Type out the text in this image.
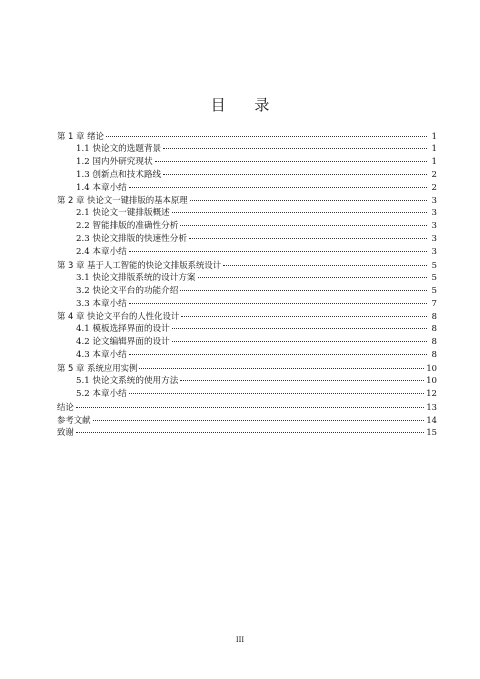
目 录
第 1 章 绪论	1
1.1 快论文的选题背景	1
1.2 国内外研究现状	1
1.3 创新点和技术路线	2
1.4 本章小结	2
第 2 章 快论文一键排版的基本原理	3
2.1 快论文一键排版概述	3
2.2 智能排版的准确性分析	3
2.3 快论文排版的快速性分析	3
2.4 本章小结	3
第 3 章 基于人工智能的快论文排版系统设计	5
3.1 快论文排版系统的设计方案	5
3.2 快论文平台的功能介绍	5
3.3 本章小结	7
第 4 章 快论文平台的人性化设计	8
4.1 模板选择界面的设计	8
4.2 论文编辑界面的设计	8
4.3 本章小结	8
第 5 章 系统应用实例	10
5.1 快论文系统的使用方法	10
5.2 本章小结	12
结论	13
参考文献	14
致谢	15
III
